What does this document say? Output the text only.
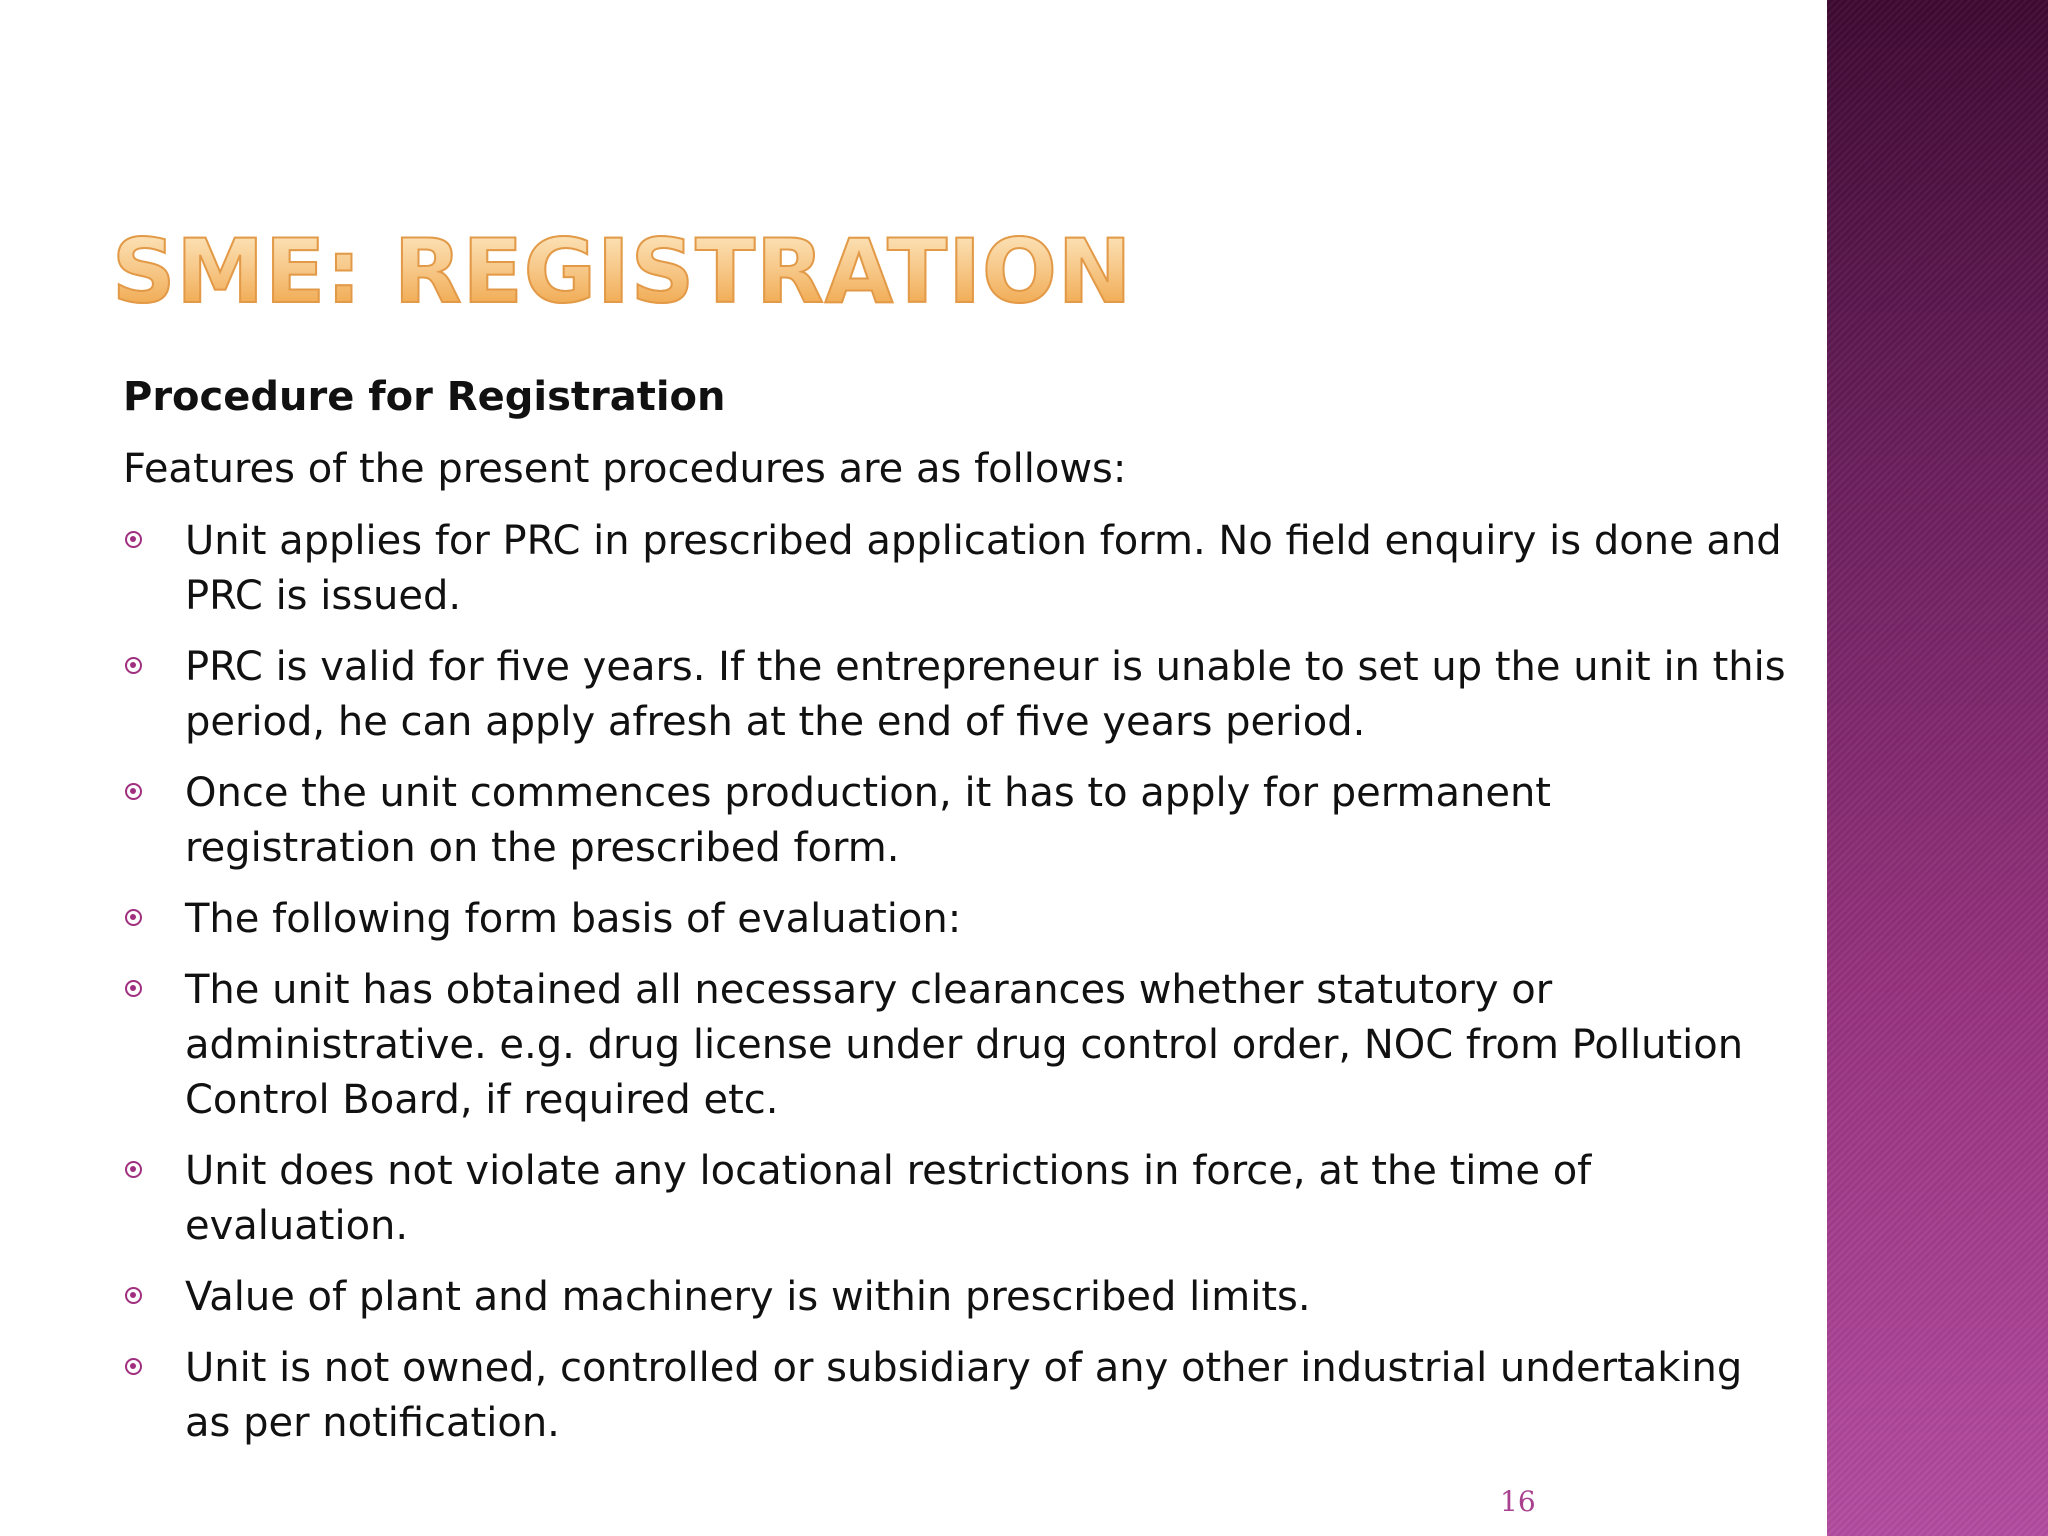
SME: REGISTRATION

Procedure for Registration

Features of the present procedures are as follows:

Unit applies for PRC in prescribed application form. No field enquiry is done and PRC is issued.
PRC is valid for five years. If the entrepreneur is unable to set up the unit in this period, he can apply afresh at the end of five years period.
Once the unit commences production, it has to apply for permanent registration on the prescribed form.
The following form basis of evaluation:
The unit has obtained all necessary clearances whether statutory or administrative. e.g. drug license under drug control order, NOC from Pollution Control Board, if required etc.
Unit does not violate any locational restrictions in force, at the time of evaluation.
Value of plant and machinery is within prescribed limits.
Unit is not owned, controlled or subsidiary of any other industrial undertaking as per notification.
16
